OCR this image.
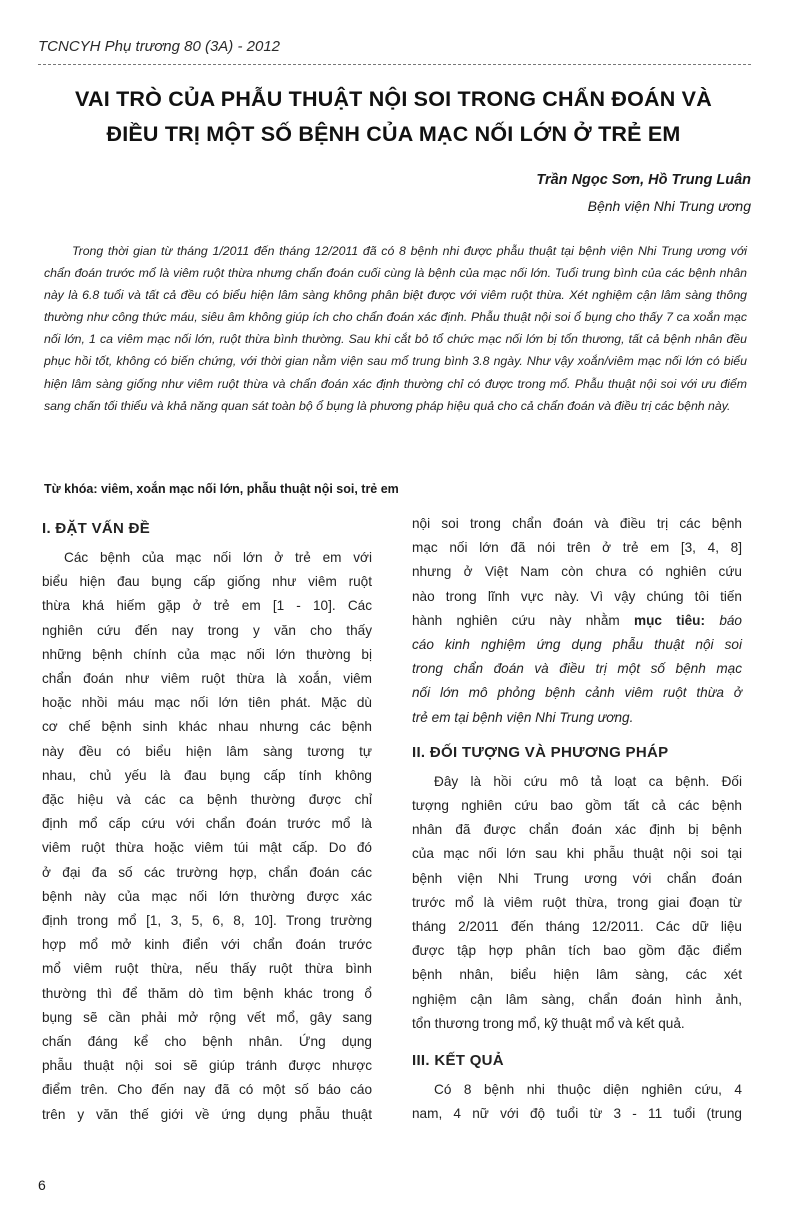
TCNCYH Phụ trương 80 (3A) - 2012
VAI TRÒ CỦA PHẪU THUẬT NỘI SOI TRONG CHẨN ĐOÁN VÀ
ĐIỀU TRỊ MỘT SỐ BỆNH CỦA MẠC NỐI LỚN Ở TRẺ EM
Trần Ngọc Sơn, Hồ Trung Luân
Bệnh viện Nhi Trung ương
Trong thời gian từ tháng 1/2011 đến tháng 12/2011 đã có 8 bệnh nhi được phẫu thuật tại bệnh viện Nhi Trung ương với chẩn đoán trước mổ là viêm ruột thừa nhưng chẩn đoán cuối cùng là bệnh của mạc nối lớn. Tuổi trung bình của các bệnh nhân này là 6.8 tuổi và tất cả đều có biểu hiện lâm sàng không phân biệt được với viêm ruột thừa. Xét nghiệm cận lâm sàng thông thường như công thức máu, siêu âm không giúp ích cho chẩn đoán xác định. Phẫu thuật nội soi ổ bụng cho thấy 7 ca xoắn mạc nối lớn, 1 ca viêm mạc nối lớn, ruột thừa bình thường. Sau khi cắt bỏ tổ chức mạc nối lớn bị tổn thương, tất cả bệnh nhân đều phục hồi tốt, không có biến chứng, với thời gian nằm viện sau mổ trung bình 3.8 ngày. Như vậy xoắn/viêm mạc nối lớn có biểu hiện lâm sàng giống như viêm ruột thừa và chẩn đoán xác định thường chỉ có được trong mổ. Phẫu thuật nội soi với ưu điểm sang chấn tối thiểu và khả năng quan sát toàn bộ ổ bụng là phương pháp hiệu quả cho cả chẩn đoán và điều trị các bệnh này.
Từ khóa: viêm, xoắn mạc nối lớn, phẫu thuật nội soi, trẻ em
I. ĐẶT VẤN ĐỀ
Các bệnh của mạc nối lớn ở trẻ em với
biểu hiện đau bụng cấp giống như viêm ruột
thừa khá hiếm gặp ở trẻ em [1 - 10]. Các
nghiên cứu đến nay trong y văn cho thấy
những bệnh chính của mạc nối lớn thường bị
chẩn đoán như viêm ruột thừa là xoắn, viêm
hoặc nhồi máu mạc nối lớn tiên phát. Mặc dù
cơ chế bệnh sinh khác nhau nhưng các bệnh
này đều có biểu hiện lâm sàng tương tự
nhau, chủ yếu là đau bụng cấp tính không
đặc hiệu và các ca bệnh thường được chỉ
định mổ cấp cứu với chẩn đoán trước mổ là
viêm ruột thừa hoặc viêm túi mật cấp. Do đó
ở đại đa số các trường hợp, chẩn đoán các
bệnh này của mạc nối lớn thường được xác
định trong mổ [1, 3, 5, 6, 8, 10]. Trong trường
hợp mổ mở kinh điển với chẩn đoán trước
mổ viêm ruột thừa, nếu thấy ruột thừa bình
thường thì để thăm dò tìm bệnh khác trong ổ
bụng sẽ cần phải mở rộng vết mổ, gây sang
chấn đáng kể cho bệnh nhân. Ứng dụng
phẫu thuật nội soi sẽ giúp tránh được nhược
điểm trên. Cho đến nay đã có một số báo cáo
trên y văn thế giới về ứng dụng phẫu thuật
nội soi trong chẩn đoán và điều trị các bệnh
mạc nối lớn đã nói trên ở trẻ em [3, 4, 8]
nhưng ở Việt Nam còn chưa có nghiên cứu
nào trong lĩnh vực này. Vì vậy chúng tôi tiến
hành nghiên cứu này nhằm mục tiêu: báo
cáo kinh nghiệm ứng dụng phẫu thuật nội soi
trong chẩn đoán và điều trị một số bệnh mạc
nối lớn mô phỏng bệnh cảnh viêm ruột thừa ở
trẻ em tại bệnh viện Nhi Trung ương.
II. ĐỐI TƯỢNG VÀ PHƯƠNG PHÁP
Đây là hồi cứu mô tả loạt ca bệnh. Đối
tượng nghiên cứu bao gồm tất cả các bệnh
nhân đã được chẩn đoán xác định bị bệnh
của mạc nối lớn sau khi phẫu thuật nội soi tại
bệnh viện Nhi Trung ương với chẩn đoán
trước mổ là viêm ruột thừa, trong giai đoạn từ
tháng 2/2011 đến tháng 12/2011. Các dữ liệu
được tập hợp phân tích bao gồm đặc điểm
bệnh nhân, biểu hiện lâm sàng, các xét
nghiệm cận lâm sàng, chẩn đoán hình ảnh,
tổn thương trong mổ, kỹ thuật mổ và kết quả.
III. KẾT QUẢ
Có 8 bệnh nhi thuộc diện nghiên cứu, 4
nam, 4 nữ với độ tuổi từ 3 - 11 tuổi (trung
6
